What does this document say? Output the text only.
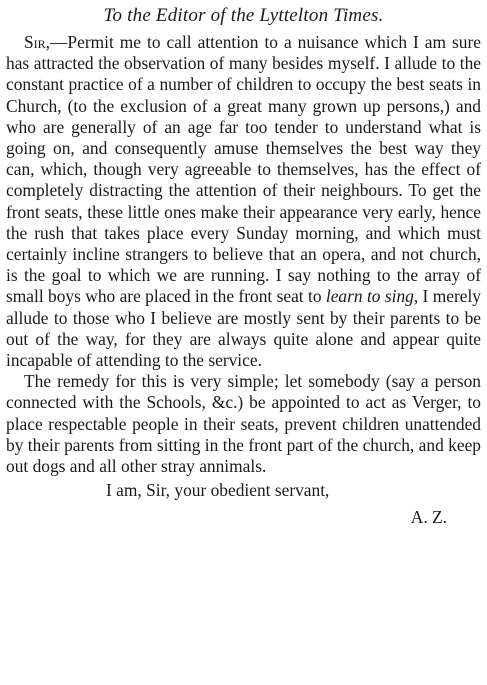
To the Editor of the Lyttelton Times.

Sir,—Permit me to call attention to a nuisance which I am sure has attracted the observation of many besides myself. I allude to the constant practice of a number of children to occupy the best seats in Church, (to the exclusion of a great many grown up persons,) and who are generally of an age far too tender to understand what is going on, and consequently amuse themselves the best way they can, which, though very agreeable to themselves, has the effect of completely distracting the attention of their neighbours. To get the front seats, these little ones make their appearance very early, hence the rush that takes place every Sunday morning, and which must certainly incline strangers to believe that an opera, and not church, is the goal to which we are running. I say nothing to the array of small boys who are placed in the front seat to learn to sing, I merely allude to those who I believe are mostly sent by their parents to be out of the way, for they are always quite alone and appear quite incapable of attending to the service.

The remedy for this is very simple; let somebody (say a person connected with the Schools, &c.) be appointed to act as Verger, to place respectable people in their seats, prevent children unattended by their parents from sitting in the front part of the church, and keep out dogs and all other stray annimals.

I am, Sir, your obedient servant,

A. Z.
